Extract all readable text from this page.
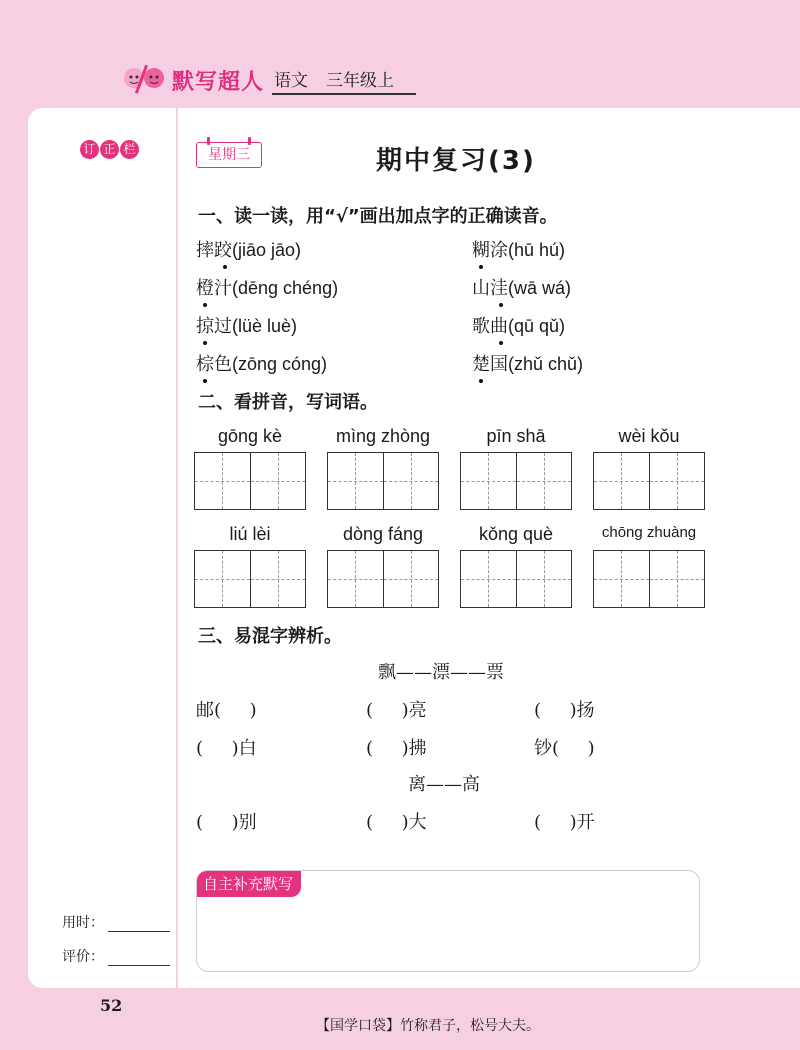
默写超人 语文 三年级上
订 正 栏
用时：
评价：
星期三	期中复习(3)
一、读一读，用“√”画出加点字的正确读音。
摔跤(jiāo jāo)	糊涂(hū hú)
橙汁(dēng chéng)	山洼(wā wá)
掠过(lüè luè)	歌曲(qū qǔ)
棕色(zōng cóng)	楚国(zhǔ chǔ)
二、看拼音，写词语。
gōng kè	mìng zhòng	pīn shā	wèi kǒu
liú lèi	dòng fáng	kǒng què	chōng zhuàng
三、易混字辨析。
飘——漂——票
邮(     )	(     )亮	(     )扬
(     )白	(     )拂	钞(     )
离——高
(     )别	(     )大	(     )开
自主补充默写
52
【国学口袋】竹称君子，松号大夫。
